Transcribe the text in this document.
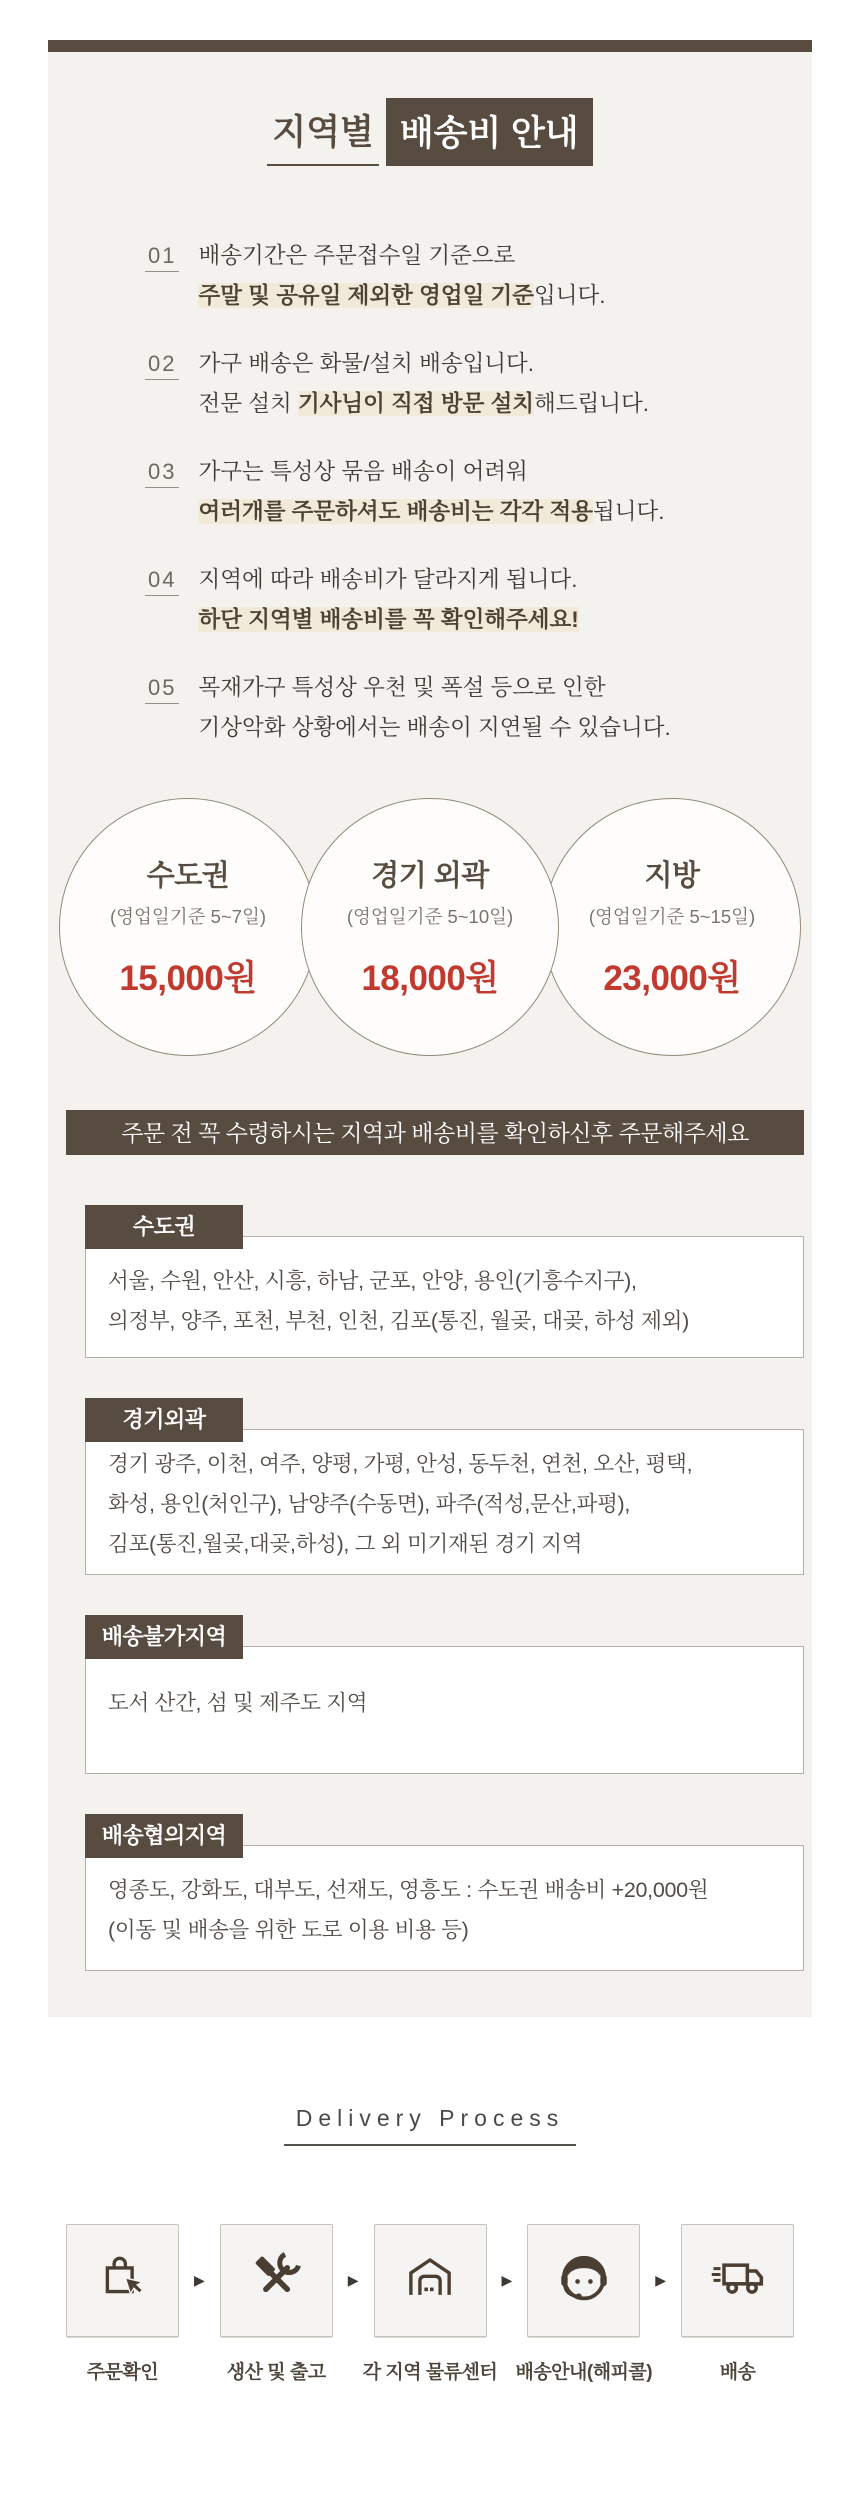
지역별 배송비 안내
01 배송기간은 주문접수일 기준으로
주말 및 공유일 제외한 영업일 기준입니다.
02 가구 배송은 화물/설치 배송입니다.
전문 설치 기사님이 직접 방문 설치해드립니다.
03 가구는 특성상 묶음 배송이 어려워
여러개를 주문하셔도 배송비는 각각 적용됩니다.
04 지역에 따라 배송비가 달라지게 됩니다.
하단 지역별 배송비를 꼭 확인해주세요!
05 목재가구 특성상 우천 및 폭설 등으로 인한
기상악화 상황에서는 배송이 지연될 수 있습니다.
수도권
(영업일기준 5~7일)
15,000원
경기 외곽
(영업일기준 5~10일)
18,000원
지방
(영업일기준 5~15일)
23,000원
주문 전 꼭 수령하시는 지역과 배송비를 확인하신후 주문해주세요
수도권
서울, 수원, 안산, 시흥, 하남, 군포, 안양, 용인(기흥수지구),
의정부, 양주, 포천, 부천, 인천, 김포(통진, 월곶, 대곶, 하성 제외)
경기외곽
경기 광주, 이천, 여주, 양평, 가평, 안성, 동두천, 연천, 오산, 평택,
화성, 용인(처인구), 남양주(수동면), 파주(적성,문산,파평),
김포(통진,월곶,대곶,하성), 그 외 미기재된 경기 지역
배송불가지역
도서 산간, 섬 및 제주도 지역
배송협의지역
영종도, 강화도, 대부도, 선재도, 영흥도 : 수도권 배송비 +20,000원
(이동 및 배송을 위한 도로 이용 비용 등)
Delivery Process
주문확인
▶
생산 및 출고
▶
각 지역 물류센터
▶
배송안내(해피콜)
▶
배송
